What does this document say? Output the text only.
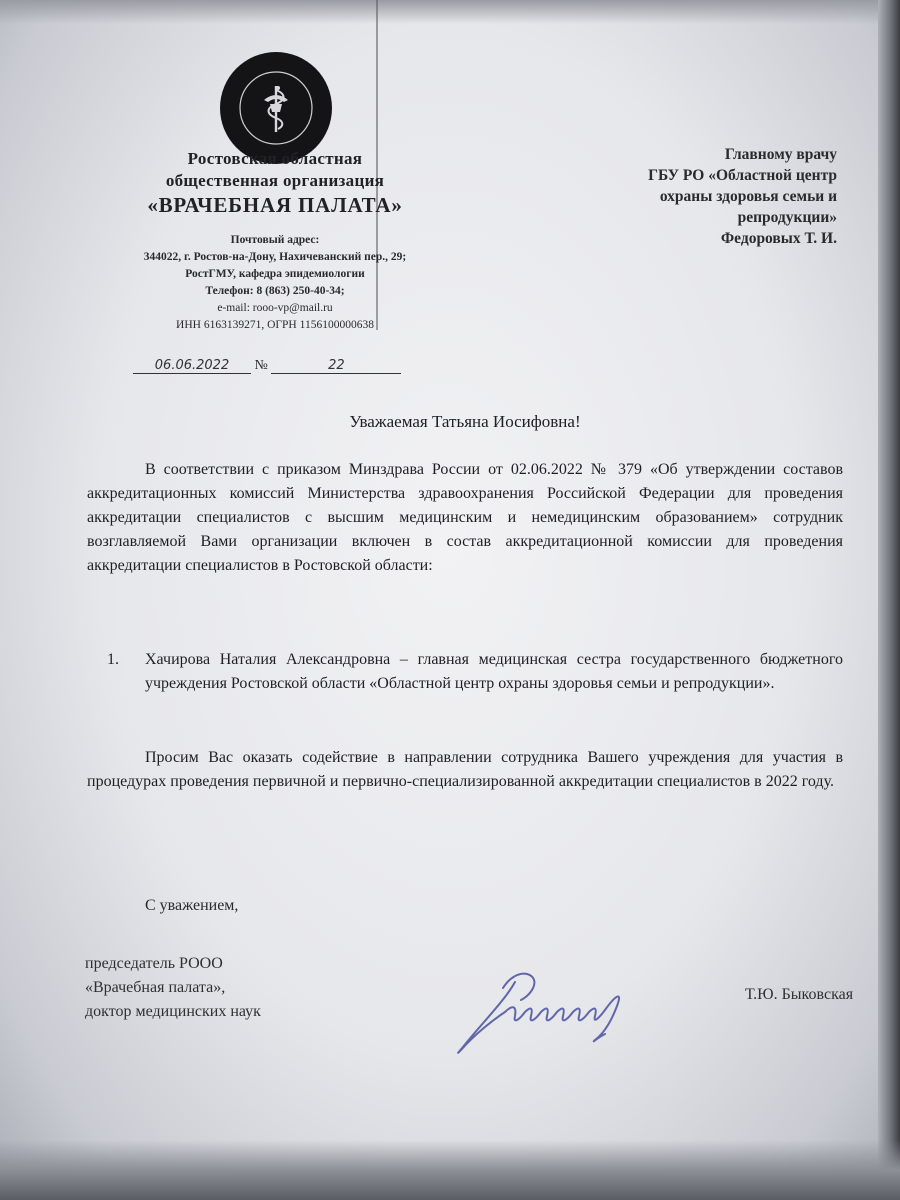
Ростовская областная
общественная организация
«ВРАЧЕБНАЯ ПАЛАТА»
Почтовый адрес:
344022, г. Ростов-на-Дону, Нахичеванский пер., 29;
РостГМУ, кафедра эпидемиологии
Телефон: 8 (863) 250-40-34;
e-mail: rooo-vp@mail.ru
ИНН 6163139271, ОГРН 1156100000638
Главному врачу
ГБУ РО «Областной центр
охраны здоровья семьи и
репродукции»
Федоровых Т. И.
06.06.2022 №	22
Уважаемая Татьяна Иосифовна!
В соответствии с приказом Минздрава России от 02.06.2022 № 379 «Об утверждении составов аккредитационных комиссий Министерства здравоохранения Российской Федерации для проведения аккредитации специалистов с высшим медицинским и немедицинским образованием» сотрудник возглавляемой Вами организации включен в состав аккредитационной комиссии для проведения аккредитации специалистов в Ростовской области:
1. Хачирова Наталия Александровна – главная медицинская сестра государственного бюджетного учреждения Ростовской области «Областной центр охраны здоровья семьи и репродукции».
Просим Вас оказать содействие в направлении сотрудника Вашего учреждения для участия в процедурах проведения первичной и первично-специализированной аккредитации специалистов в 2022 году.
С уважением,
председатель РООО
«Врачебная палата»,
доктор медицинских наук
Т.Ю. Быковская
